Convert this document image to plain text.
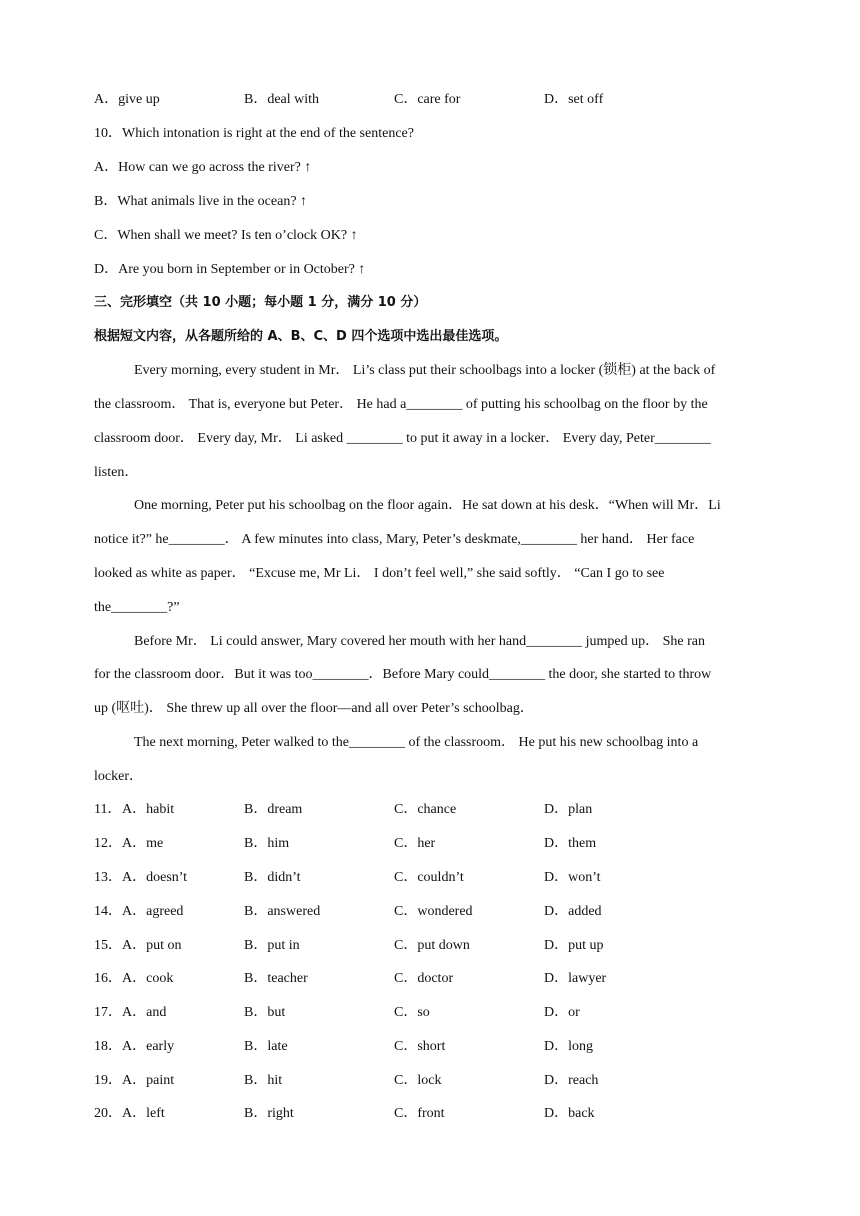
A．give up	B．deal with	C．care for	D．set off
10．Which intonation is right at the end of the sentence?
A．How can we go across the river? ↑
B．What animals live in the ocean? ↑
C．When shall we meet? Is ten o’clock OK? ↑
D．Are you born in September or in October? ↑
三、完形填空（共 10 小题；每小题 1 分，满分 10 分）
根据短文内容，从各题所给的 A、B、C、D 四个选项中选出最佳选项。
Every morning, every student in Mr． Li’s class put their schoolbags into a locker (锁柜) at the back of
the classroom． That is, everyone but Peter． He had a________ of putting his schoolbag on the floor by the
classroom door． Every day, Mr． Li asked ________ to put it away in a locker． Every day, Peter________
listen．
One morning, Peter put his schoolbag on the floor again．He sat down at his desk．“When will Mr．Li
notice it?” he________． A few minutes into class, Mary, Peter’s deskmate,________ her hand． Her face
looked as white as paper． “Excuse me, Mr Li． I don’t feel well,” she said softly． “Can I go to see
the________?”
Before Mr． Li could answer, Mary covered her mouth with her hand________ jumped up． She ran
for the classroom door．But it was too________．Before Mary could________ the door, she started to throw
up (呕吐)． She threw up all over the floor—and all over Peter’s schoolbag．
The next morning, Peter walked to the________ of the classroom． He put his new schoolbag into a
locker．
11． A．habit	B．dream	C．chance	D．plan
12． A．me	B．him	C．her	D．them
13． A．doesn’t	B．didn’t	C．couldn’t	D．won’t
14． A．agreed	B．answered	C．wondered	D．added
15． A．put on	B．put in	C．put down	D．put up
16． A．cook	B．teacher	C．doctor	D．lawyer
17． A．and	B．but	C．so	D．or
18． A．early	B．late	C．short	D．long
19． A．paint	B．hit	C．lock	D．reach
20． A．left	B．right	C．front	D．back
